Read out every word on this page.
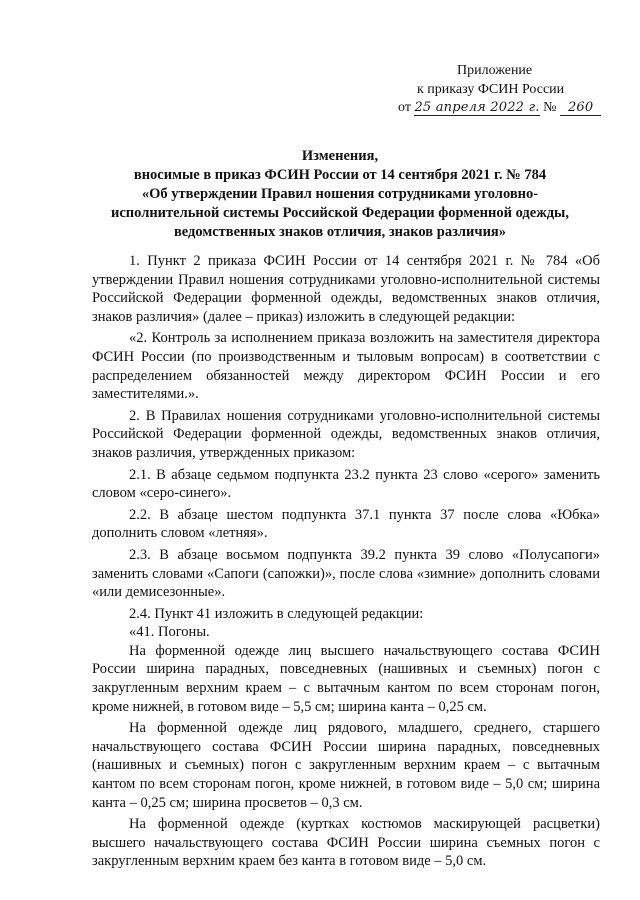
Приложение
к приказу ФСИН России
от 25 апреля 2022 г. № 260
Изменения,
вносимые в приказ ФСИН России от 14 сентября 2021 г. № 784
«Об утверждении Правил ношения сотрудниками уголовно-
исполнительной системы Российской Федерации форменной одежды,
ведомственных знаков отличия, знаков различия»

1. Пункт 2 приказа ФСИН России от 14 сентября 2021 г. № 784 «Об утверждении Правил ношения сотрудниками уголовно-исполнительной системы Российской Федерации форменной одежды, ведомственных знаков отличия, знаков различия» (далее – приказ) изложить в следующей редакции:

«2. Контроль за исполнением приказа возложить на заместителя директора ФСИН России (по производственным и тыловым вопросам) в соответствии с распределением обязанностей между директором ФСИН России и его заместителями.».

2. В Правилах ношения сотрудниками уголовно-исполнительной системы Российской Федерации форменной одежды, ведомственных знаков отличия, знаков различия, утвержденных приказом:

2.1. В абзаце седьмом подпункта 23.2 пункта 23 слово «серого» заменить словом «серо-синего».

2.2. В абзаце шестом подпункта 37.1 пункта 37 после слова «Юбка» дополнить словом «летняя».

2.3. В абзаце восьмом подпункта 39.2 пункта 39 слово «Полусапоги» заменить словами «Сапоги (сапожки)», после слова «зимние» дополнить словами «или демисезонные».

2.4. Пункт 41 изложить в следующей редакции:

«41. Погоны.

На форменной одежде лиц высшего начальствующего состава ФСИН России ширина парадных, повседневных (нашивных и съемных) погон с закругленным верхним краем – с вытачным кантом по всем сторонам погон, кроме нижней, в готовом виде – 5,5 см; ширина канта – 0,25 см.

На форменной одежде лиц рядового, младшего, среднего, старшего начальствующего состава ФСИН России ширина парадных, повседневных (нашивных и съемных) погон с закругленным верхним краем – с вытачным кантом по всем сторонам погон, кроме нижней, в готовом виде – 5,0 см; ширина канта – 0,25 см; ширина просветов – 0,3 см.

На форменной одежде (куртках костюмов маскирующей расцветки) высшего начальствующего состава ФСИН России ширина съемных погон с закругленным верхним краем без канта в готовом виде – 5,0 см.
